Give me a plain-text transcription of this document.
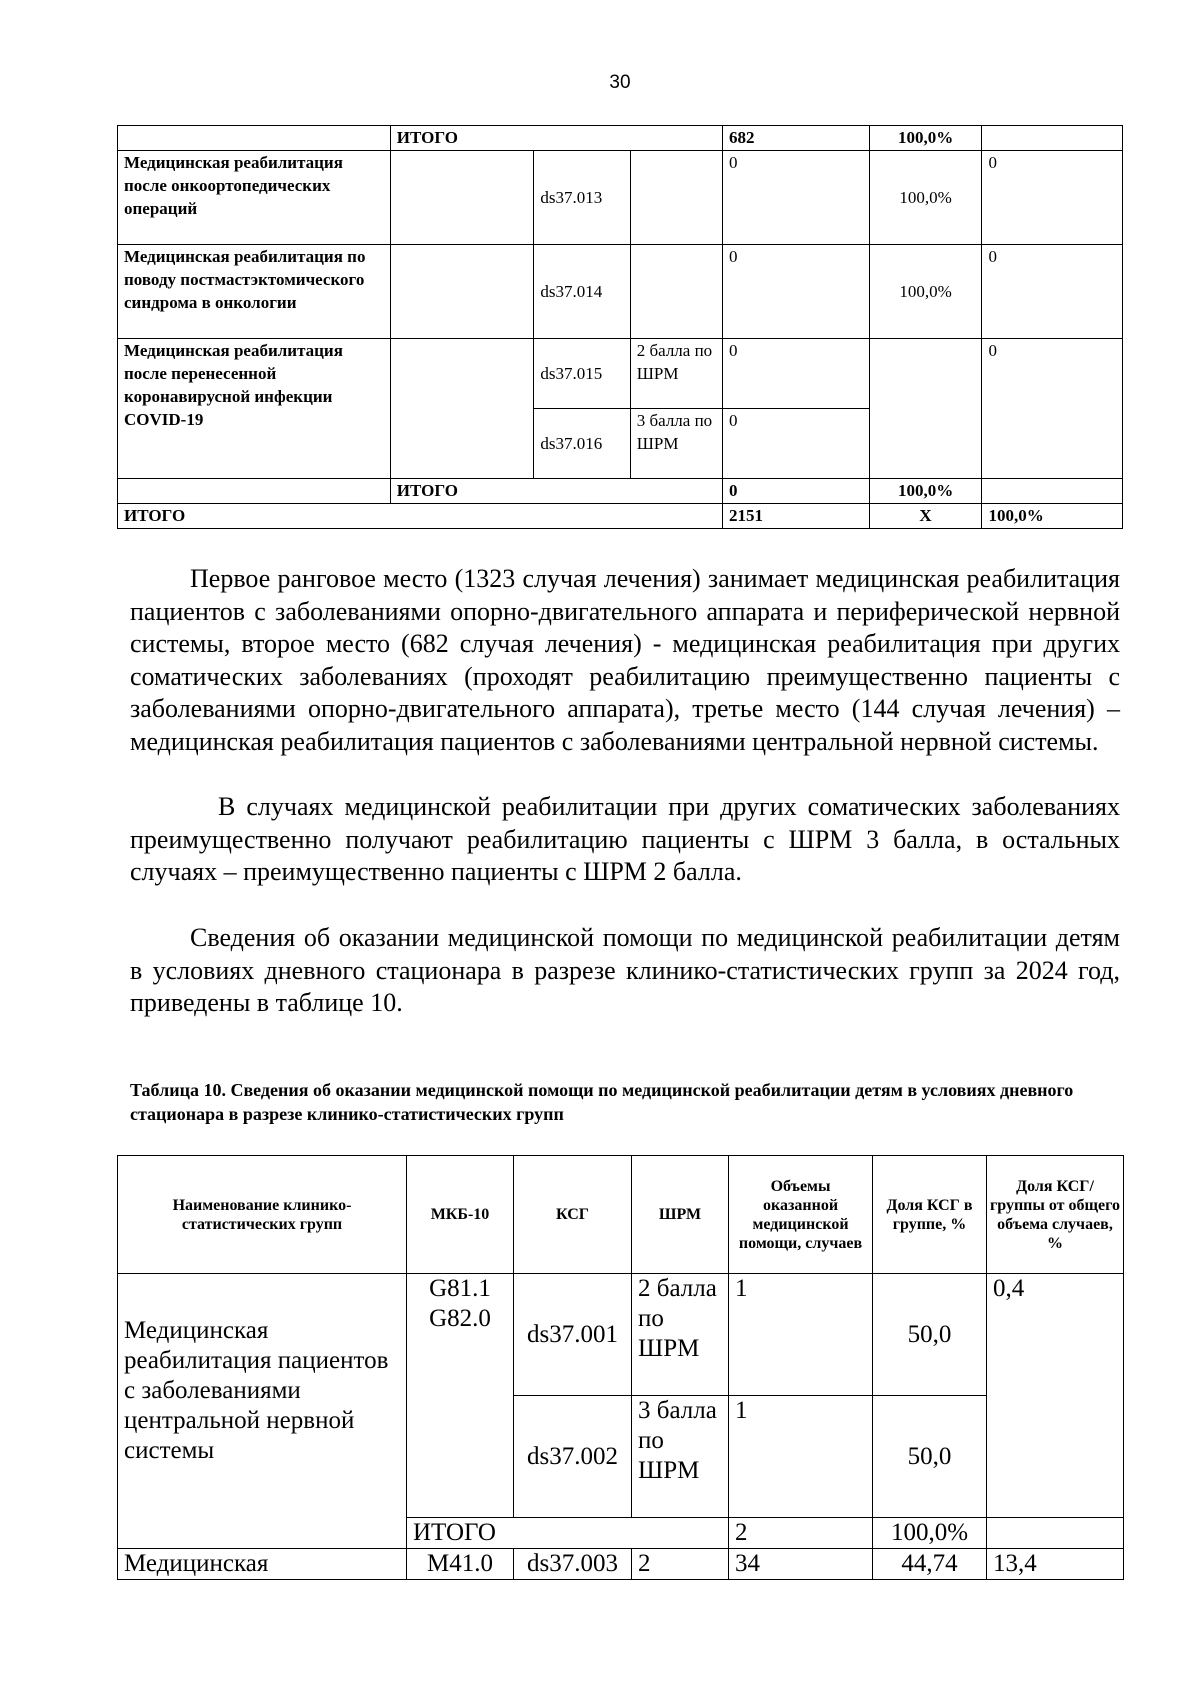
30
	ИТОГО			682	100,0%	
Медицинская реабилитация после онкоортопедических операций		ds37.013		0	100,0%	0
Медицинская реабилитация по поводу постмастэктомического синдрома в онкологии		ds37.014		0	100,0%	0
Медицинская реабилитация после перенесенной коронавирусной инфекции COVID-19		ds37.015	2 балла по ШРМ	0		0
		ds37.016	3 балла по ШРМ	0		
	ИТОГО			0	100,0%	
ИТОГО				2151	Х	100,0%

Первое ранговое место (1323 случая лечения) занимает медицинская реабилитация пациентов с заболеваниями опорно-двигательного аппарата и периферической нервной системы, второе место (682 случая лечения) - медицинская реабилитация при других соматических заболеваниях (проходят реабилитацию преимущественно пациенты с заболеваниями опорно-двигательного аппарата), третье место (144 случая лечения) – медицинская реабилитация пациентов с заболеваниями центральной нервной системы.

В случаях медицинской реабилитации при других соматических заболеваниях преимущественно получают реабилитацию пациенты с ШРМ 3 балла, в остальных случаях – преимущественно пациенты с ШРМ 2 балла.

Сведения об оказании медицинской помощи по медицинской реабилитации детям в условиях дневного стационара в разрезе клинико-статистических групп за 2024 год, приведены в таблице 10.

Таблица 10. Сведения об оказании медицинской помощи по медицинской реабилитации детям в условиях дневного стационара в разрезе клинико-статистических групп

Наименование клинико-статистических групп	МКБ-10	КСГ	ШРМ	Объемы оказанной медицинской помощи, случаев	Доля КСГ в группе, %	Доля КСГ/группы от общего объема случаев, %
Медицинская реабилитация пациентов с заболеваниями центральной нервной системы	G81.1 G82.0	ds37.001	2 балла по ШРМ	1	50,0	0,4
		ds37.002	3 балла по ШРМ	1	50,0	
	ИТОГО			2	100,0%	
Медицинская	M41.0	ds37.003	2	34	44,74	13,4
